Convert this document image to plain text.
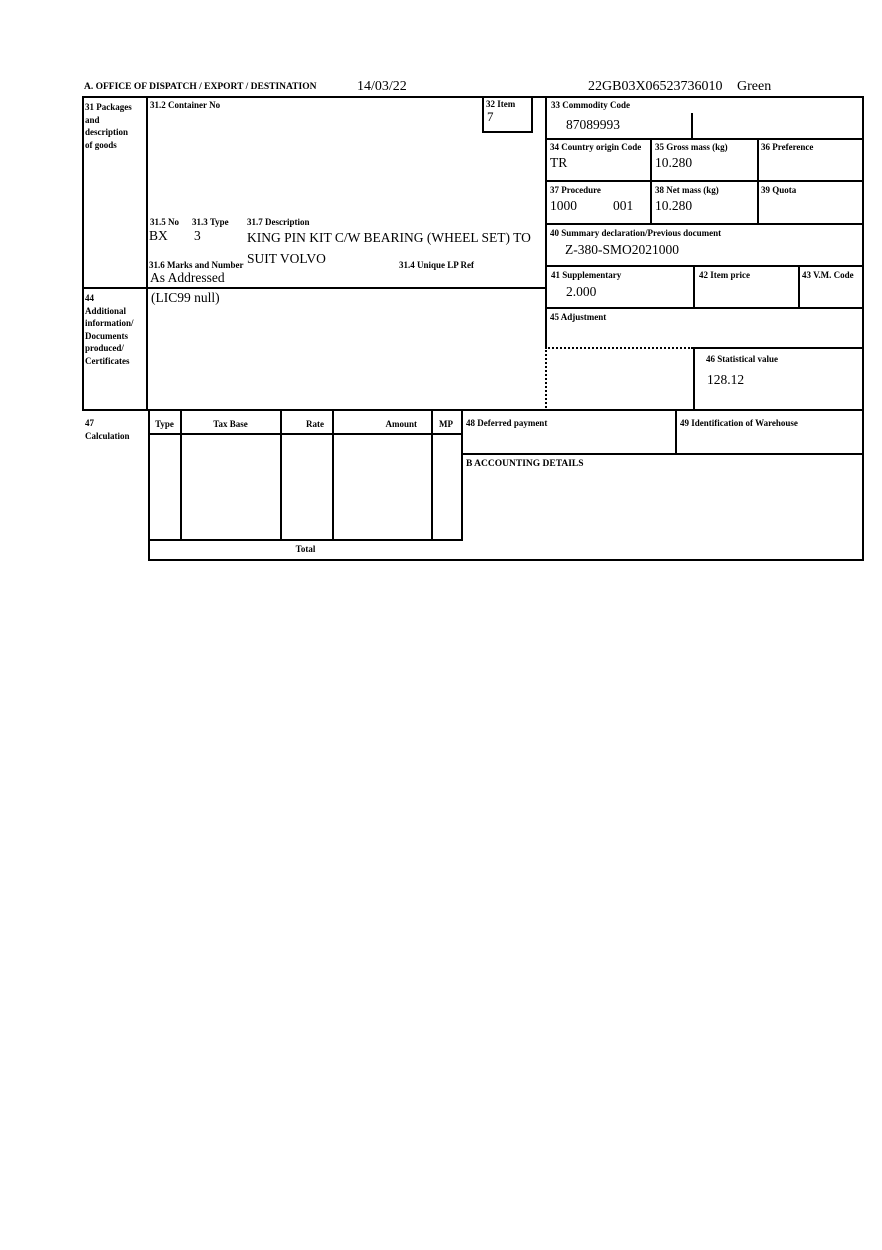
A. OFFICE OF DISPATCH / EXPORT / DESTINATION	14/03/22	22GB03X06523736010 Green
31 Packages
and
description
of goods
31.2 Container No
31.5 No 31.3 Type 31.7 Description
BX 3	KING PIN KIT C/W BEARING (WHEEL SET) TO SUIT VOLVO
31.6 Marks and Number	31.4 Unique LP Ref
As Addressed
32 Item
7
33 Commodity Code
87089993
34 Country origin Code
TR
35 Gross mass (kg)
10.280
36 Preference
37 Procedure
1000	001
38 Net mass (kg)
10.280
39 Quota
40 Summary declaration/Previous document
Z-380-SMO2021000
41 Supplementary
2.000
42 Item price	43 V.M. Code
44
Additional
information/
Documents
produced/
Certificates
(LIC99 null)
45 Adjustment
46 Statistical value
128.12
47
Calculation
Type	Tax Base	Rate	Amount	MP
Total
48 Deferred payment	49 Identification of Warehouse
B ACCOUNTING DETAILS
